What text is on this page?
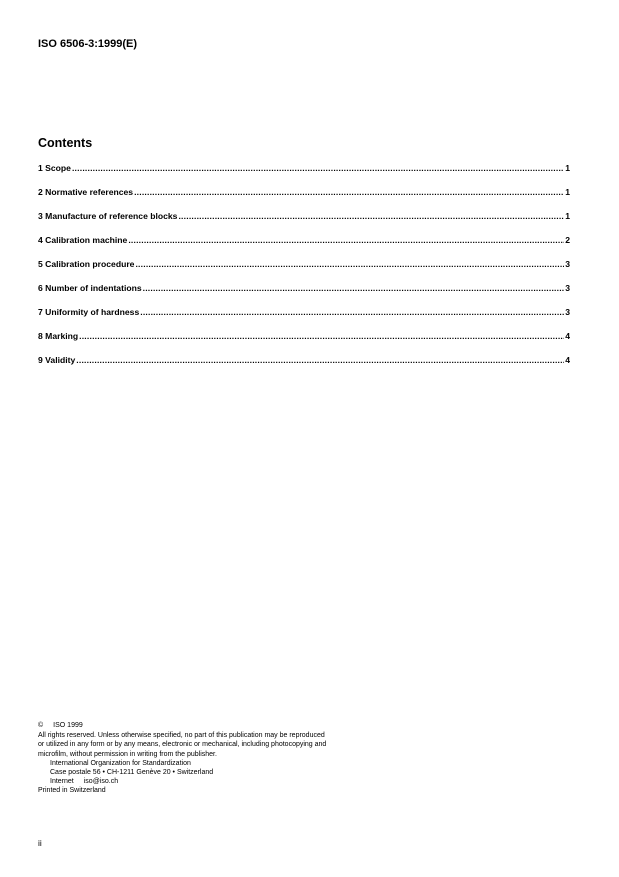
ISO 6506-3:1999(E)
Contents
1 Scope .....	1
2 Normative references .....	1
3 Manufacture of reference blocks .....	1
4 Calibration machine .....	2
5 Calibration procedure .....	3
6 Number of indentations .....	3
7 Uniformity of hardness .....	3
8 Marking .....	4
9 Validity .....	4

© ISO 1999

All rights reserved. Unless otherwise specified, no part of this publication may be reproduced

or utilized in any form or by any means, electronic or mechanical, including photocopying and

microfilm, without permission in writing from the publisher.

International Organization for Standardization

Case postale 56 • CH-1211 Genève 20 • Switzerland

Internet iso@iso.ch

Printed in Switzerland

ii
